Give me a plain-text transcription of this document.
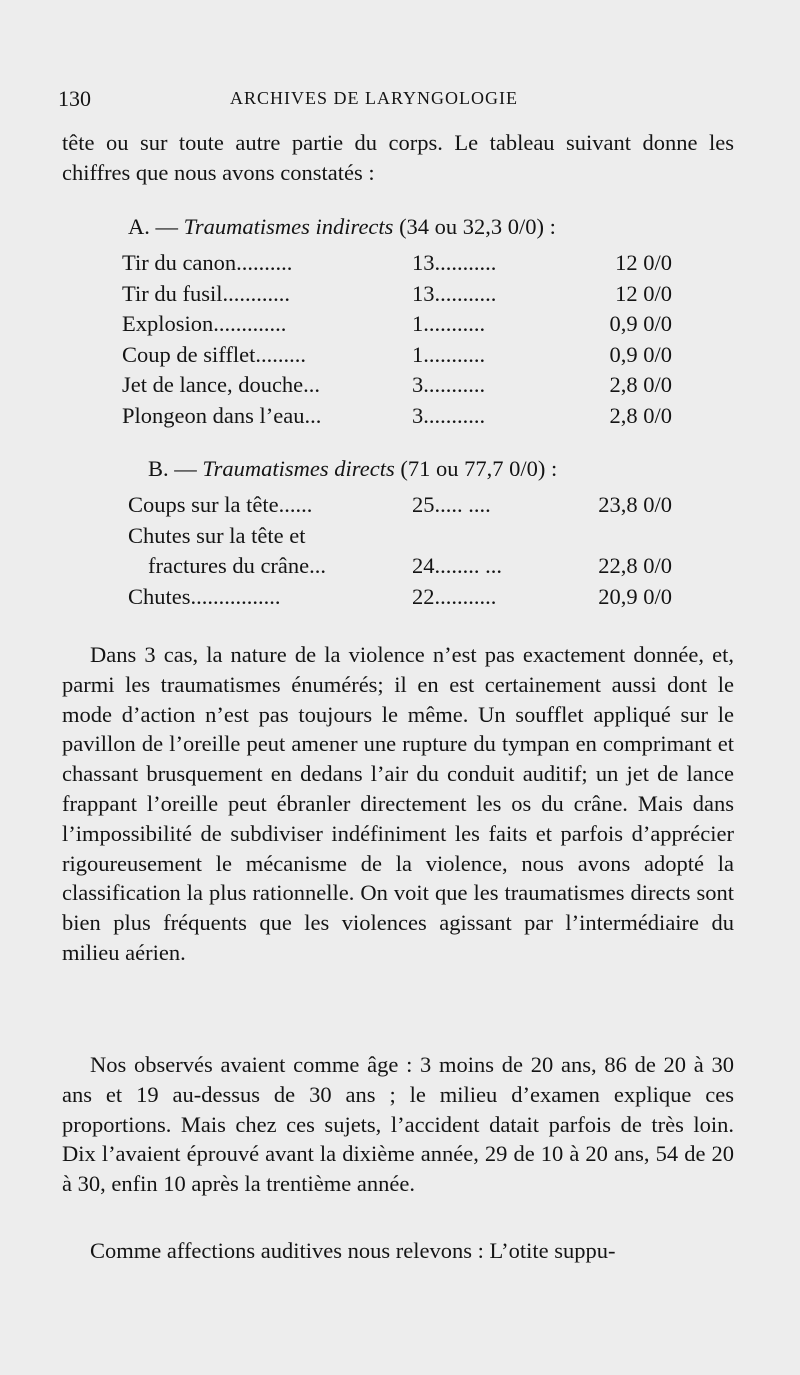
130	ARCHIVES DE LARYNGOLOGIE
tête ou sur toute autre partie du corps. Le tableau suivant donne les chiffres que nous avons constatés :
A. — Traumatismes indirects (34 ou 32,3 0/0) :
Tir du canon..........	13...........	12 0/0
Tir du fusil............	13...........	12 0/0
Explosion.............	1...........	0,9 0/0
Coup de sifflet.........	1...........	0,9 0/0
Jet de lance, douche...	3...........	2,8 0/0
Plongeon dans l’eau...	3...........	2,8 0/0
B. — Traumatismes directs (71 ou 77,7 0/0) :
Coups sur la tête......	25..... ....	23,8 0/0
Chutes sur la tête et
fractures du crâne...	24........ ...	22,8 0/0
Chutes................	22...........	20,9 0/0
Dans 3 cas, la nature de la violence n’est pas exactement donnée, et, parmi les traumatismes énumérés; il en est certainement aussi dont le mode d’action n’est pas toujours le même. Un soufflet appliqué sur le pavillon de l’oreille peut amener une rupture du tympan en comprimant et chassant brusquement en dedans l’air du conduit auditif; un jet de lance frappant l’oreille peut ébranler directement les os du crâne. Mais dans l’impossibilité de subdiviser indéfiniment les faits et parfois d’apprécier rigoureusement le mécanisme de la violence, nous avons adopté la classification la plus rationnelle. On voit que les traumatismes directs sont bien plus fréquents que les violences agissant par l’intermédiaire du milieu aérien.
Nos observés avaient comme âge : 3 moins de 20 ans, 86 de 20 à 30 ans et 19 au-dessus de 30 ans ; le milieu d’examen explique ces proportions. Mais chez ces sujets, l’accident datait parfois de très loin. Dix l’avaient éprouvé avant la dixième année, 29 de 10 à 20 ans, 54 de 20 à 30, enfin 10 après la trentième année.
Comme affections auditives nous relevons : L’otite suppu-
